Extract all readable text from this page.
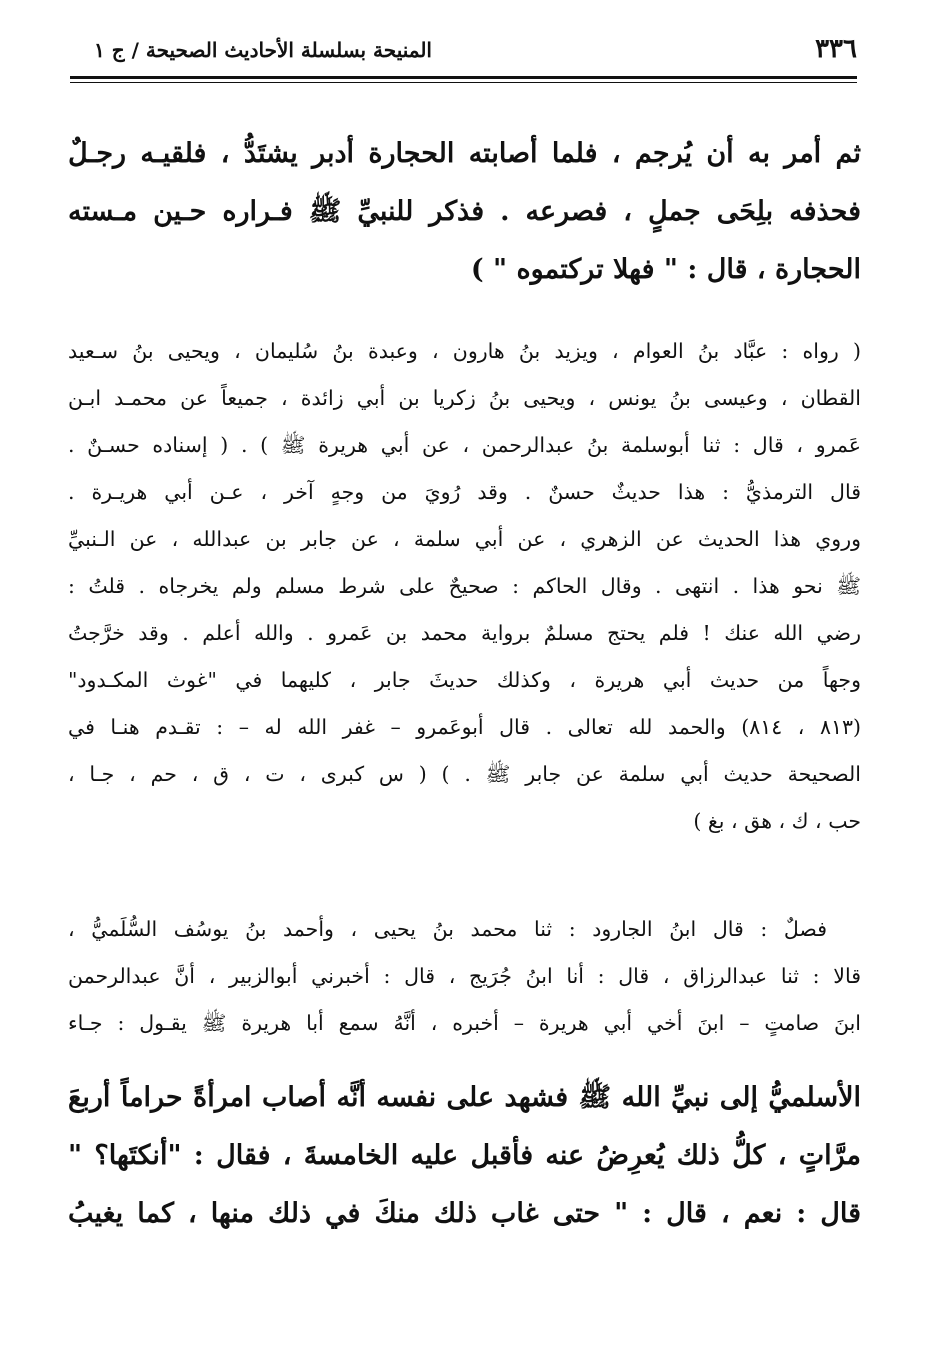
٣٣٦
المنيحة بسلسلة الأحاديث الصحيحة / ج ١
ثم أمر به أن يُرجم ، فلما أصابته الحجارة أدبر يشتَدُّ ، فلقيـه رجـلٌ
فحذفه بلِحَى جملٍ ، فصرعه . فذكر للنبيِّ ﷺ فـراره حـين مـسته
الحجارة ، قال : " فهلا تركتموه " )
( رواه : عبَّاد بنُ العوام ، ويزيد بنُ هارون ، وعبدة بنُ سُليمان ، ويحيى بنُ سـعيد
القطان ، وعيسى بنُ يونس ، ويحيى بنُ زكريا بن أبي زائدة ، جميعاً عن محمـد ابـن
عَمرو ، قال : ثنا أبوسلمة بنُ عبدالرحمن ، عن أبي هريرة ﷺ ) . ( إسناده حسـنٌ .
قال الترمذيُّ : هذا حديثٌ حسنٌ . وقد رُويَ من وجهٍ آخر ، عـن أبي هريـرة .
وروي هذا الحديث عن الزهري ، عن أبي سلمة ، عن جابر بن عبدالله ، عن الـنبيِّ
ﷺ نحو هذا . انتهى . وقال الحاكم : صحيحٌ على شرط مسلم ولم يخرجاه . قلتُ :
رضي الله عنك ! فلم يحتج مسلمٌ برواية محمد بن عَمرو . والله أعلم . وقد خرَّجتُ
وجهاً من حديث أبي هريرة ، وكذلك حديثَ جابر ، كليهما في "غوث المكـدود"
(٨١٣ ، ٨١٤) والحمد لله تعالى . قال أبوعَمرو – غفر الله له – : تقـدم هنـا في
الصحيحة حديث أبي سلمة عن جابر ﷺ . ) ( س كبرى ، ت ، ق ، حم ، جـا ،
حب ، ك ، هق ، بغ )
فصلٌ : قال ابنُ الجارود : ثنا محمد بنُ يحيى ، وأحمد بنُ يوسُف السُّلَميُّ ،
قالا : ثنا عبدالرزاق ، قال : أنا ابنُ جُرَيج ، قال : أخبرني أبوالزبير ، أنَّ عبدالرحمن
ابنَ صامتٍ – ابنَ أخي أبي هريرة – أخبره ، أنَّهُ سمع أبا هريرة ﷺ يقـول : جـاء
الأسلميُّ إلى نبيِّ الله ﷺ فشهد على نفسه أنَّه أصاب امرأةً حراماً أربعَ
مرَّاتٍ ، كلُّ ذلك يُعرِضُ عنه فأقبل عليه الخامسةَ ، فقال : "أنكتَها؟ "
قال : نعم ، قال : " حتى غاب ذلك منكَ في ذلك منها ، كما يغيبُ
